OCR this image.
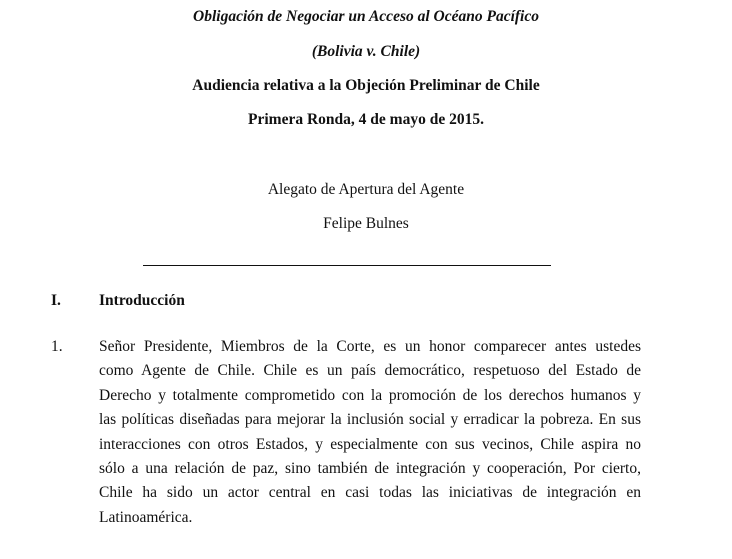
Obligación de Negociar un Acceso al Océano Pacífico
(Bolivia v. Chile)
Audiencia relativa a la Objeción Preliminar de Chile
Primera Ronda, 4 de mayo de 2015.
Alegato de Apertura del Agente
Felipe Bulnes
I. Introducción
1. Señor Presidente, Miembros de la Corte, es un honor comparecer antes ustedes
como Agente de Chile. Chile es un país democrático, respetuoso del Estado de
Derecho y totalmente comprometido con la promoción de los derechos humanos y
las políticas diseñadas para mejorar la inclusión social y erradicar la pobreza. En sus
interacciones con otros Estados, y especialmente con sus vecinos, Chile aspira no
sólo a una relación de paz, sino también de integración y cooperación, Por cierto,
Chile ha sido un actor central en casi todas las iniciativas de integración en
Latinoamérica.
